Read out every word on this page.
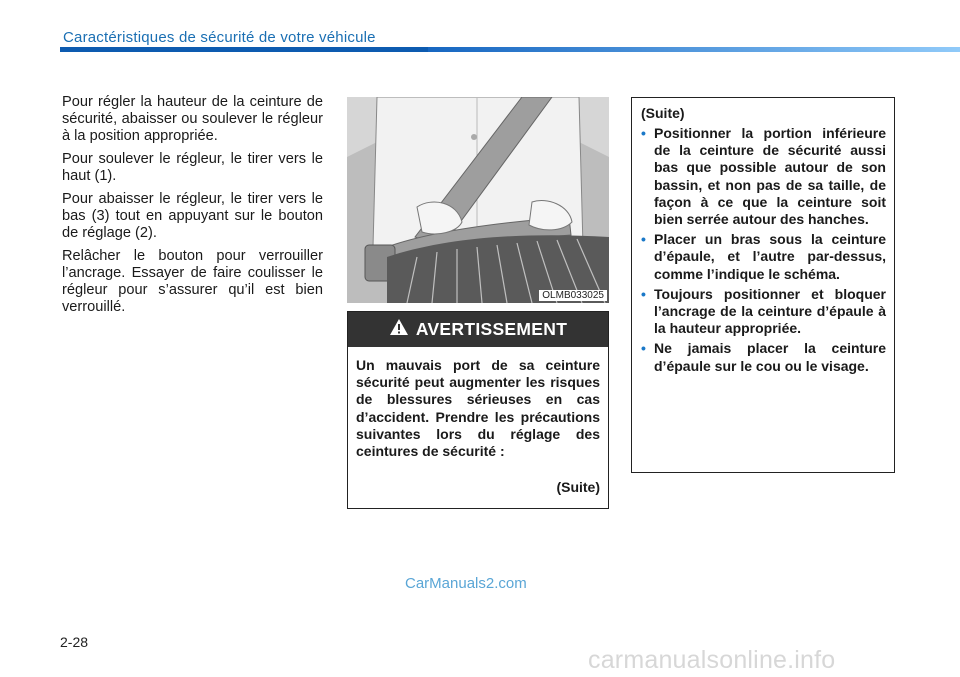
Caractéristiques de sécurité de votre véhicule

Pour régler la hauteur de la ceinture de sécurité, abaisser ou soulever le régleur à la position appropriée.

Pour soulever le régleur, le tirer vers le haut (1).

Pour abaisser le régleur, le tirer vers le bas (3) tout en appuyant sur le bouton de réglage (2).

Relâcher le bouton pour verrouiller l’ancrage. Essayer de faire coulisser le régleur pour s’assurer qu’il est bien verrouillé.

OLMB033025
AVERTISSEMENT
Un mauvais port de sa ceinture sécurité peut augmenter les risques de blessures sérieuses en cas d’accident. Prendre les précautions suivantes lors du réglage des ceintures de sécurité :
(Suite)
(Suite)
• Positionner la portion inférieure de la ceinture de sécurité aussi bas que possible autour de son bassin, et non pas de sa taille, de façon à ce que la ceinture soit bien serrée autour des hanches.
• Placer un bras sous la ceinture d’épaule, et l’autre par-dessus, comme l’indique le schéma.
• Toujours positionner et bloquer l’ancrage de la ceinture d’épaule à la hauteur appropriée.
• Ne jamais placer la ceinture d’épaule sur le cou ou le visage.
CarManuals2.com
2-28
carmanualsonline.info
